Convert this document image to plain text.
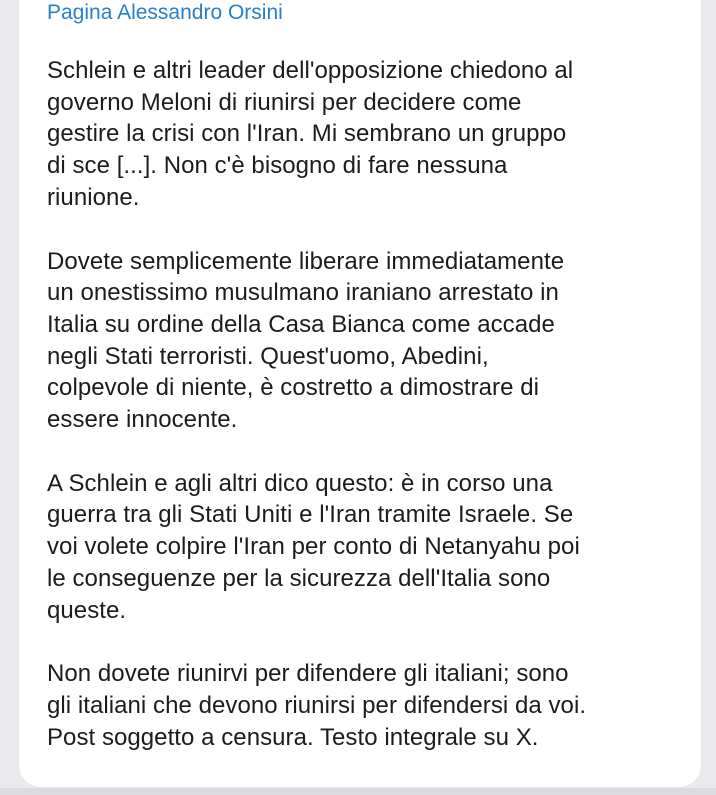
Pagina Alessandro Orsini
Schlein e altri leader dell'opposizione chiedono al
governo Meloni di riunirsi per decidere come
gestire la crisi con l'Iran. Mi sembrano un gruppo
di sce [...]. Non c'è bisogno di fare nessuna
riunione.
Dovete semplicemente liberare immediatamente
un onestissimo musulmano iraniano arrestato in
Italia su ordine della Casa Bianca come accade
negli Stati terroristi. Quest'uomo, Abedini,
colpevole di niente, è costretto a dimostrare di
essere innocente.
A Schlein e agli altri dico questo: è in corso una
guerra tra gli Stati Uniti e l'Iran tramite Israele. Se
voi volete colpire l'Iran per conto di Netanyahu poi
le conseguenze per la sicurezza dell'Italia sono
queste.
Non dovete riunirvi per difendere gli italiani; sono
gli italiani che devono riunirsi per difendersi da voi.
Post soggetto a censura. Testo integrale su X.
